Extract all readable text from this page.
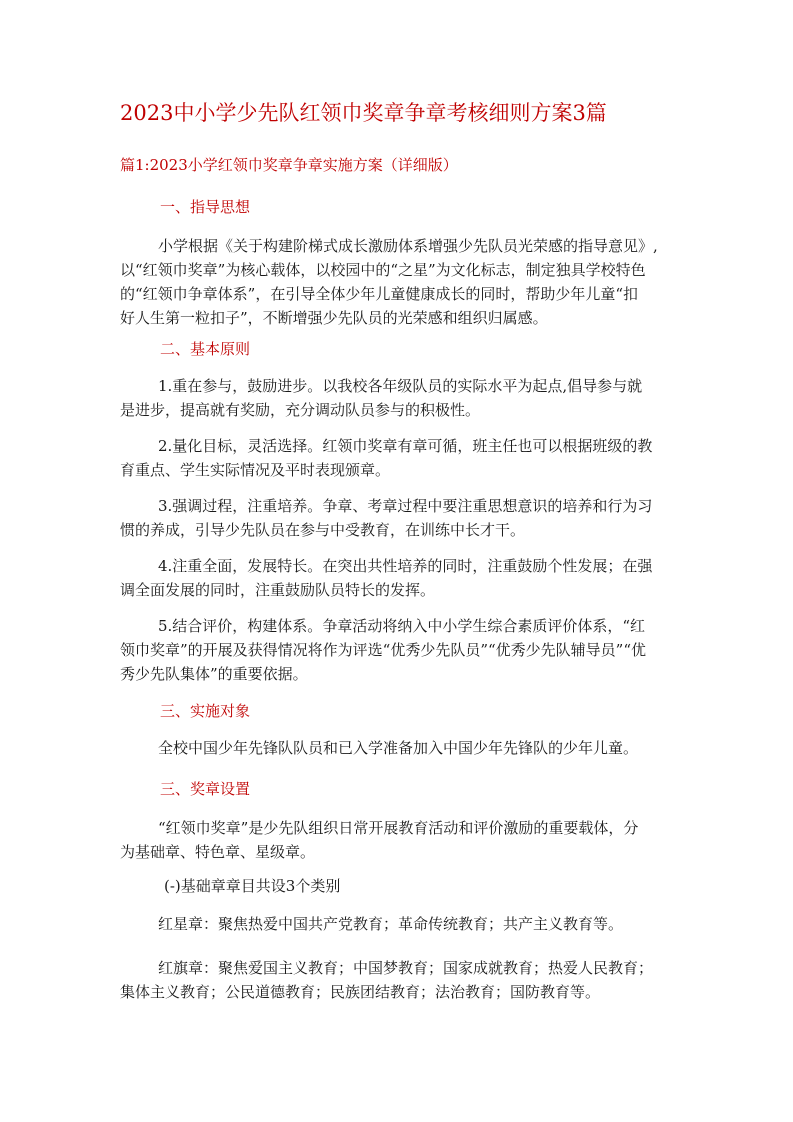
2023中小学少先队红领巾奖章争章考核细则方案3篇

篇1:2023小学红领巾奖章争章实施方案（详细版）

一、指导思想

小学根据《关于构建阶梯式成长激励体系增强少先队员光荣感的指导意见》,
以“红领巾奖章”为核心载体，以校园中的“之星”为文化标志，制定独具学校特色
的“红领巾争章体系”，在引导全体少年儿童健康成长的同时，帮助少年儿童“扣
好人生第一粒扣子”，不断增强少先队员的光荣感和组织归属感。

二、基本原则

1.重在参与，鼓励进步。以我校各年级队员的实际水平为起点,倡导参与就
是进步，提高就有奖励，充分调动队员参与的积极性。

2.量化目标，灵活选择。红领巾奖章有章可循，班主任也可以根据班级的教
育重点、学生实际情况及平时表现颁章。

3.强调过程，注重培养。争章、考章过程中要注重思想意识的培养和行为习
惯的养成，引导少先队员在参与中受教育，在训练中长才干。

4.注重全面，发展特长。在突出共性培养的同时，注重鼓励个性发展；在强
调全面发展的同时，注重鼓励队员特长的发挥。

5.结合评价，构建体系。争章活动将纳入中小学生综合素质评价体系，“红
领巾奖章”的开展及获得情况将作为评选“优秀少先队员”“优秀少先队辅导员”“优
秀少先队集体”的重要依据。

三、实施对象

全校中国少年先锋队队员和已入学准备加入中国少年先锋队的少年儿童。

三、奖章设置

“红领巾奖章”是少先队组织日常开展教育活动和评价激励的重要载体，分
为基础章、特色章、星级章。

(-)基础章章目共设3个类别

红星章：聚焦热爱中国共产党教育；革命传统教育；共产主义教育等。

红旗章：聚焦爱国主义教育；中国梦教育；国家成就教育；热爱人民教育；
集体主义教育；公民道德教育；民族团结教育；法治教育；国防教育等。
